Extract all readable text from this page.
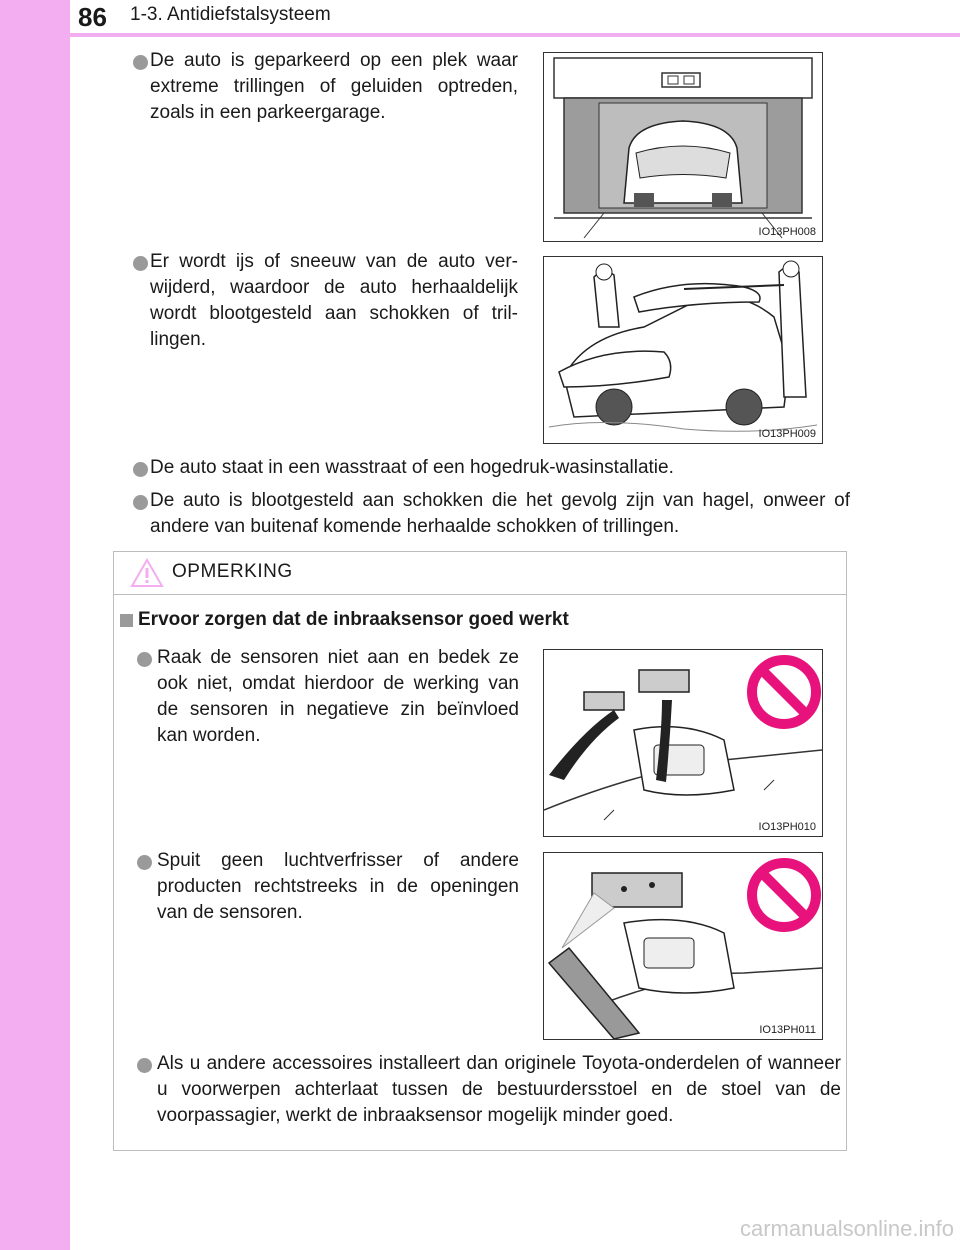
86 1-3. Antidiefstalsysteem
De auto is geparkeerd op een plek waar extreme trillingen of geluiden optreden, zoals in een parkeergarage.
IO13PH008
Er wordt ijs of sneeuw van de auto ver-wijderd, waardoor de auto herhaaldelijk wordt blootgesteld aan schokken of tril-lingen.
IO13PH009
De auto staat in een wasstraat of een hogedruk-wasinstallatie.
De auto is blootgesteld aan schokken die het gevolg zijn van hagel, onweer of andere van buitenaf komende herhaalde schokken of trillingen.
OPMERKING
Ervoor zorgen dat de inbraaksensor goed werkt
Raak de sensoren niet aan en bedek ze ook niet, omdat hierdoor de werking van de sensoren in negatieve zin beïnvloed kan worden.
IO13PH010
Spuit geen luchtverfrisser of andere producten rechtstreeks in de openingen van de sensoren.
IO13PH011
Als u andere accessoires installeert dan originele Toyota-onderdelen of wanneer u voorwerpen achterlaat tussen de bestuurdersstoel en de stoel van de voorpassagier, werkt de inbraaksensor mogelijk minder goed.
carmanualsonline.info
